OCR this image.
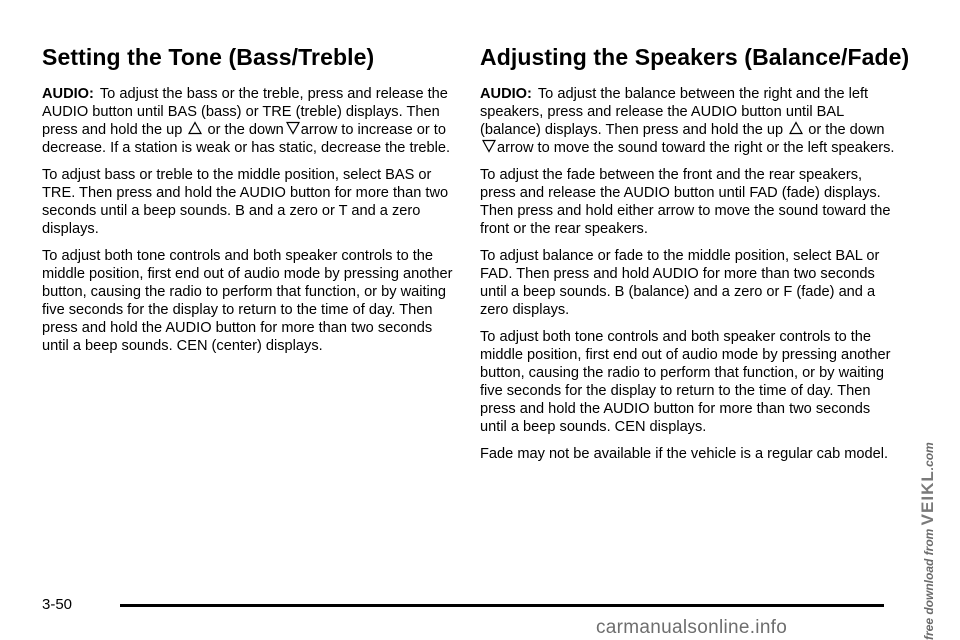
Setting the Tone (Bass/Treble)	Adjusting the Speakers (Balance/Fade)

AUDIO: To adjust the bass or the treble, press and release the AUDIO button until BAS (bass) or TRE (treble) displays. Then press and hold the up or the down arrow to increase or to decrease. If a station is weak or has static, decrease the treble.

To adjust bass or treble to the middle position, select BAS or TRE. Then press and hold the AUDIO button for more than two seconds until a beep sounds. B and a zero or T and a zero displays.

To adjust both tone controls and both speaker controls to the middle position, first end out of audio mode by pressing another button, causing the radio to perform that function, or by waiting five seconds for the display to return to the time of day. Then press and hold the AUDIO button for more than two seconds until a beep sounds. CEN (center) displays.

AUDIO: To adjust the balance between the right and the left speakers, press and release the AUDIO button until BAL (balance) displays. Then press and hold the up or the downarrow to move the sound toward the right or the left speakers.

To adjust the fade between the front and the rear speakers, press and release the AUDIO button until FAD (fade) displays. Then press and hold either arrow to move the sound toward the front or the rear speakers.

To adjust balance or fade to the middle position, select BAL or FAD. Then press and hold AUDIO for more than two seconds until a beep sounds. B (balance) and a zero or F (fade) and a zero displays.

To adjust both tone controls and both speaker controls to the middle position, first end out of audio mode by pressing another button, causing the radio to perform that function, or by waiting five seconds for the display to return to the time of day. Then press and hold the AUDIO button for more than two seconds until a beep sounds. CEN displays.

Fade may not be available if the vehicle is a regular cab model.

3-50	free download from VEIKL.com
carmanualsonline.info
